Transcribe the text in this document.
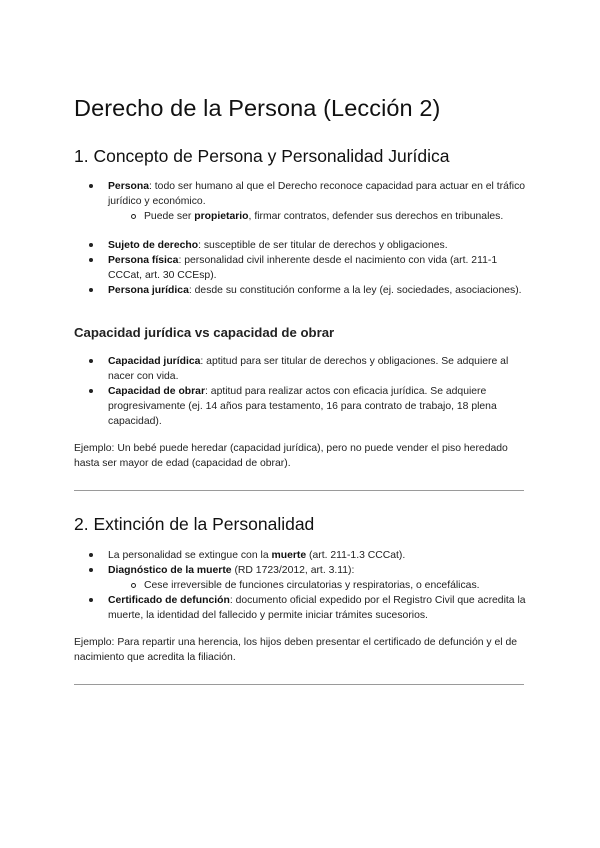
Derecho de la Persona (Lección 2)
1. Concepto de Persona y Personalidad Jurídica
Persona: todo ser humano al que el Derecho reconoce capacidad para actuar en el tráfico jurídico y económico.
Puede ser propietario, firmar contratos, defender sus derechos en tribunales.
Sujeto de derecho: susceptible de ser titular de derechos y obligaciones.
Persona física: personalidad civil inherente desde el nacimiento con vida (art. 211-1 CCCat, art. 30 CCEsp).
Persona jurídica: desde su constitución conforme a la ley (ej. sociedades, asociaciones).
Capacidad jurídica vs capacidad de obrar
Capacidad jurídica: aptitud para ser titular de derechos y obligaciones. Se adquiere al nacer con vida.
Capacidad de obrar: aptitud para realizar actos con eficacia jurídica. Se adquiere progresivamente (ej. 14 años para testamento, 16 para contrato de trabajo, 18 plena capacidad).

Ejemplo: Un bebé puede heredar (capacidad jurídica), pero no puede vender el piso heredado hasta ser mayor de edad (capacidad de obrar).

2. Extinción de la Personalidad
La personalidad se extingue con la muerte (art. 211-1.3 CCCat).
Diagnóstico de la muerte (RD 1723/2012, art. 3.11):
Cese irreversible de funciones circulatorias y respiratorias, o encefálicas.
Certificado de defunción: documento oficial expedido por el Registro Civil que acredita la muerte, la identidad del fallecido y permite iniciar trámites sucesorios.

Ejemplo: Para repartir una herencia, los hijos deben presentar el certificado de defunción y el de nacimiento que acredita la filiación.
